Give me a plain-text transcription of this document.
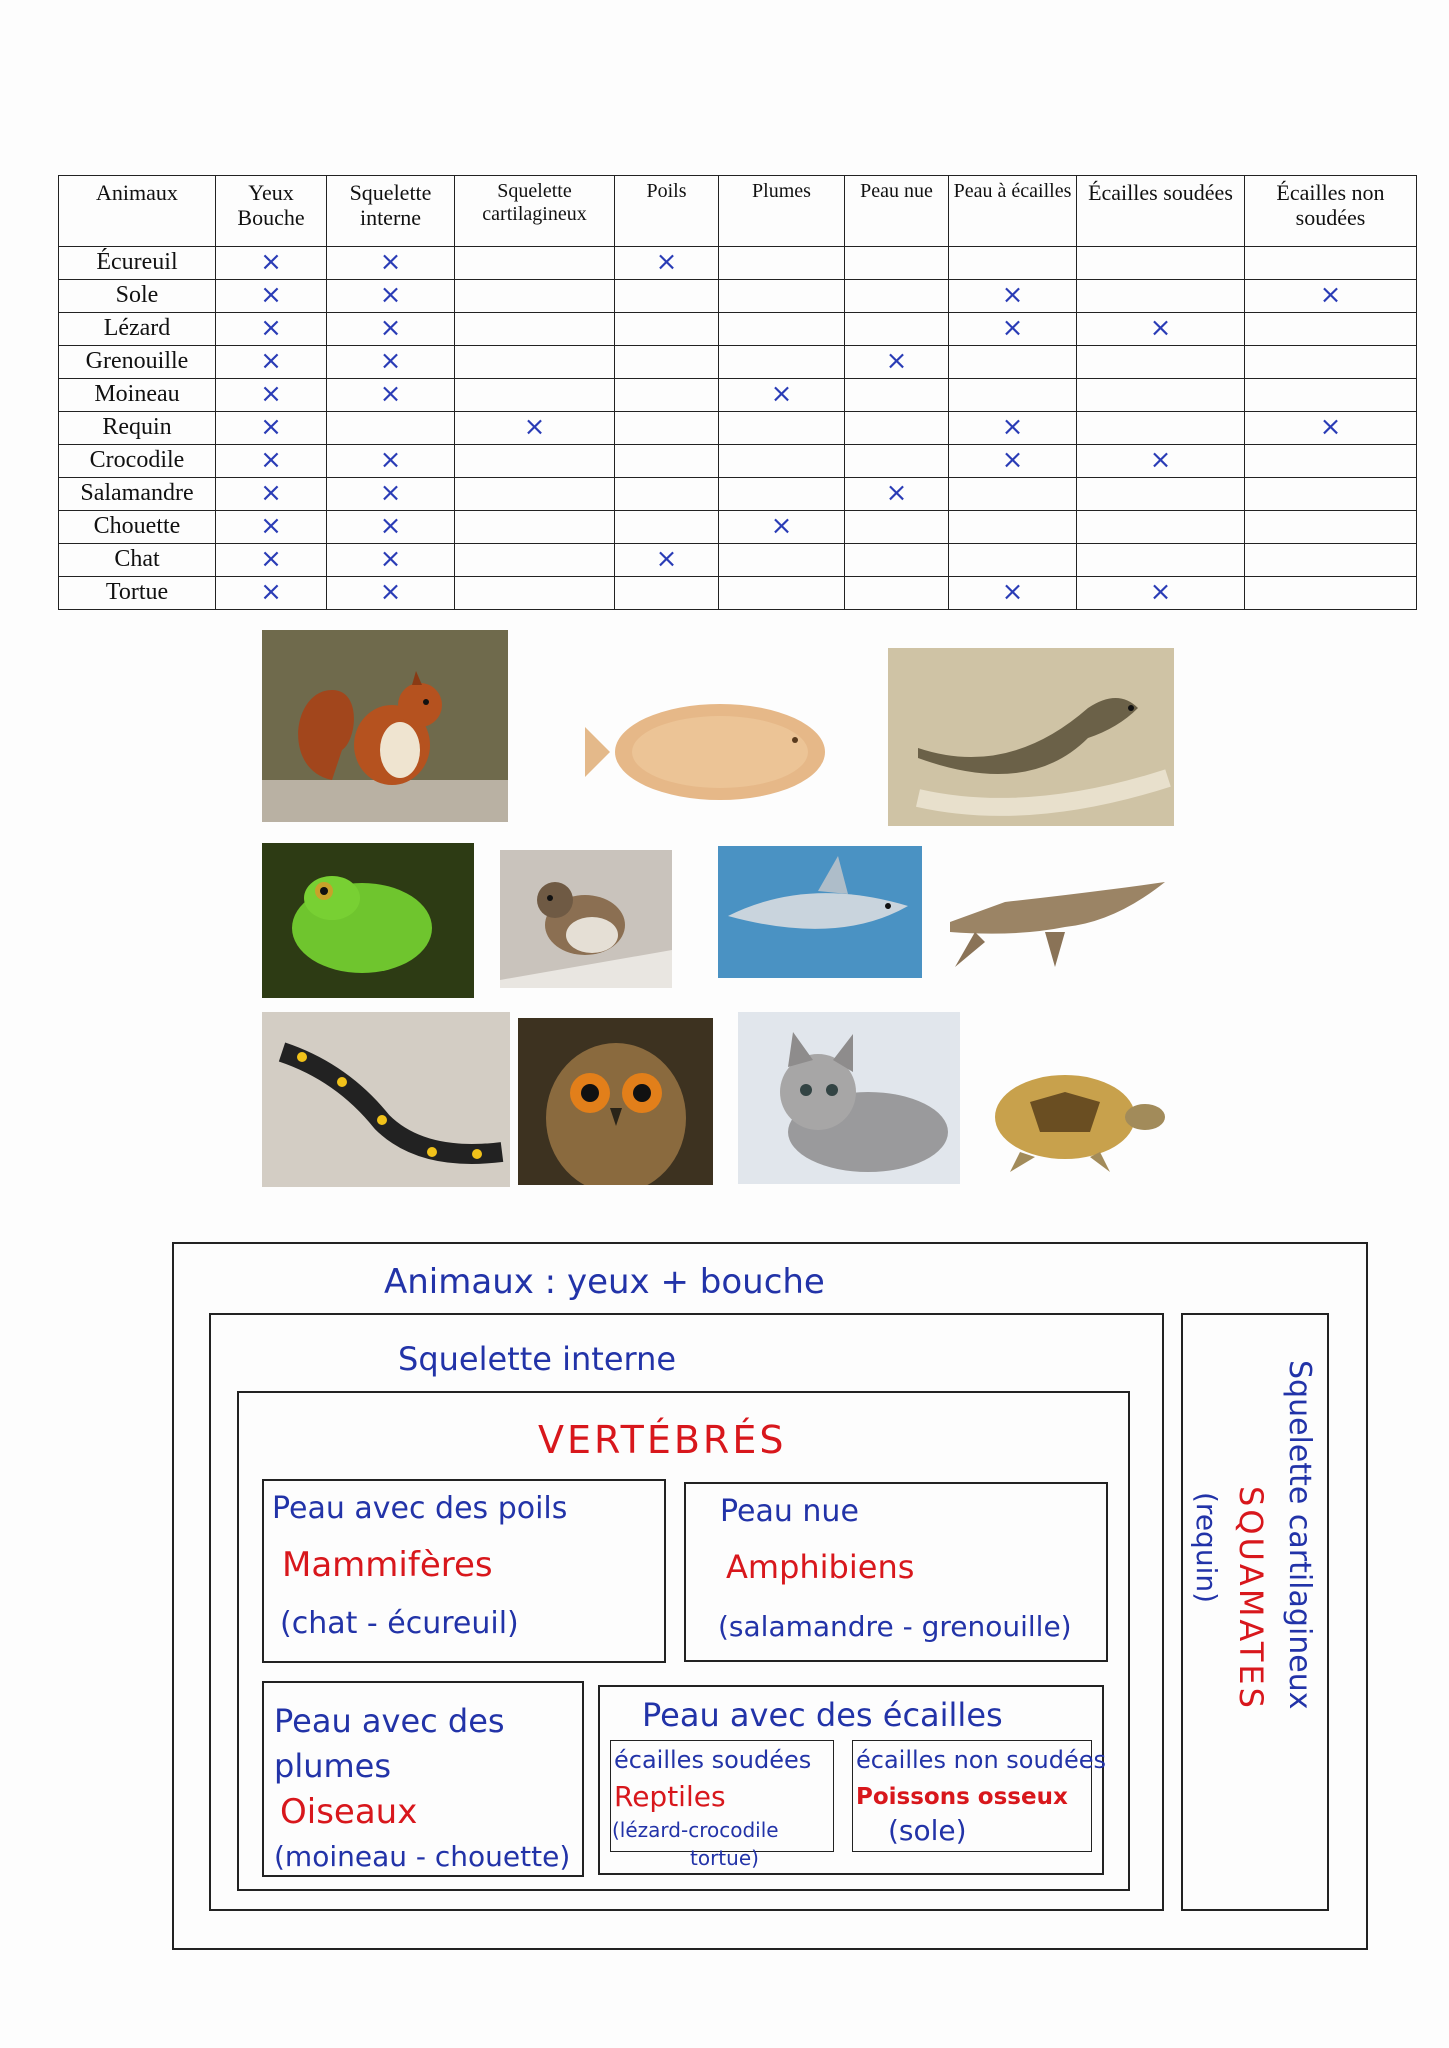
Animaux	Yeux Bouche	Squelette interne	Squelette cartilagineux	Poils	Plumes	Peau nue	Peau à écailles	Écailles soudées	Écailles non soudées
Écureuil	×	×		×					
Sole	×	×					×		×
Lézard	×	×					×	×	
Grenouille	×	×				×			
Moineau	×	×			×				
Requin	×		×				×		×
Crocodile	×	×					×	×	
Salamandre	×	×				×			
Chouette	×	×			×				
Chat	×	×		×					
Tortue	×	×					×	×	
Animaux : yeux + bouche
Squelette interne
VERTÉBRÉS
Peau avec des poils
Mammifères
(chat - écureuil)
Peau nue
Amphibiens
(salamandre - grenouille)
Peau avec des
plumes
Oiseaux
(moineau - chouette)
Peau avec des écailles
écailles soudées
Reptiles
(lézard-crocodile
tortue)
écailles non soudées
Poissons osseux
(sole)
Squelette cartilagineux
SQUAMATES
(requin)
